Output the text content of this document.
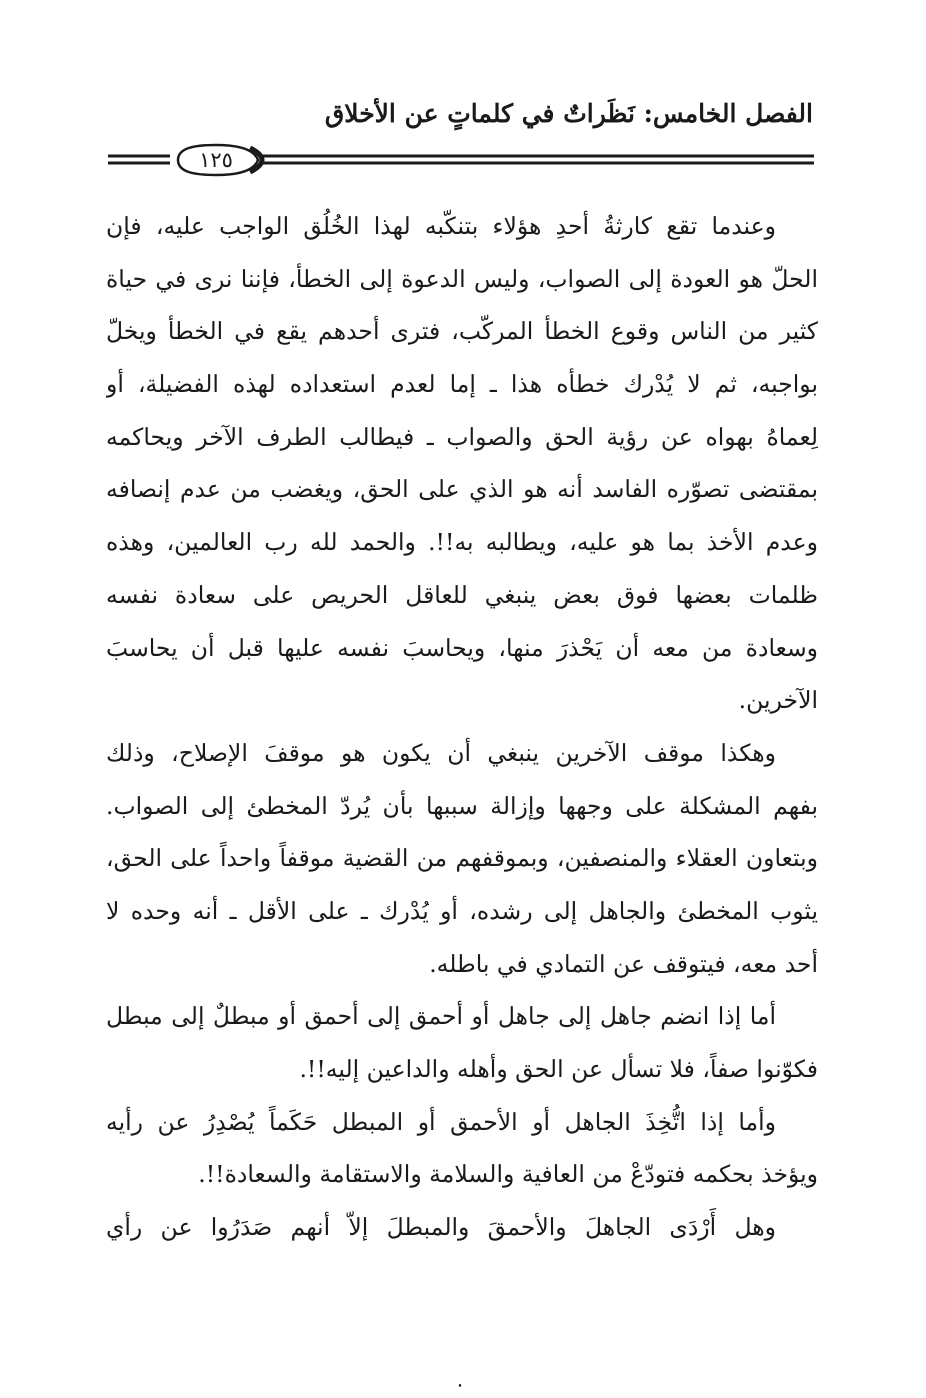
الفصل الخامس: نَظَراتٌ في كلماتٍ عن الأخلاق
١٢٥
وعندما تقع كارثةُ أحدِ هؤلاء بتنكّبه لهذا الخُلُق الواجب عليه، فإن
الحلّ هو العودة إلى الصواب، وليس الدعوة إلى الخطأ، فإننا نرى في حياة
كثير من الناس وقوع الخطأ المركّب، فترى أحدهم يقع في الخطأ ويخلّ
بواجبه، ثم لا يُدْرك خطأه هذا ـ إما لعدم استعداده لهذه الفضيلة، أو
لِعماهُ بهواه عن رؤية الحق والصواب ـ فيطالب الطرف الآخر ويحاكمه
بمقتضى تصوّره الفاسد أنه هو الذي على الحق، ويغضب من عدم إنصافه
وعدم الأخذ بما هو عليه، ويطالبه به!!. والحمد لله رب العالمين، وهذه
ظلمات بعضها فوق بعض ينبغي للعاقل الحريص على سعادة نفسه
وسعادة من معه أن يَحْذرَ منها، ويحاسبَ نفسه عليها قبل أن يحاسبَ
الآخرين.
وهكذا موقف الآخرين ينبغي أن يكون هو موقفَ الإصلاح، وذلك
بفهم المشكلة على وجهها وإزالة سببها بأن يُردّ المخطئ إلى الصواب.
وبتعاون العقلاء والمنصفين، وبموقفهم من القضية موقفاً واحداً على الحق،
يثوب المخطئ والجاهل إلى رشده، أو يُدْرك ـ على الأقل ـ أنه وحده لا
أحد معه، فيتوقف عن التمادي في باطله.
أما إذا انضم جاهل إلى جاهل أو أحمق إلى أحمق أو مبطلٌ إلى مبطل
فكوّنوا صفاً، فلا تسأل عن الحق وأهله والداعين إليه!!.
وأما إذا اتُّخِذَ الجاهل أو الأحمق أو المبطل حَكَماً يُصْدِرُ عن رأيه
ويؤخذ بحكمه فتودّعْ من العافية والسلامة والاستقامة والسعادة!!.
وهل أَرْدَى الجاهلَ والأحمقَ والمبطلَ إلاّ أنهم صَدَرُوا عن رأي
٠
